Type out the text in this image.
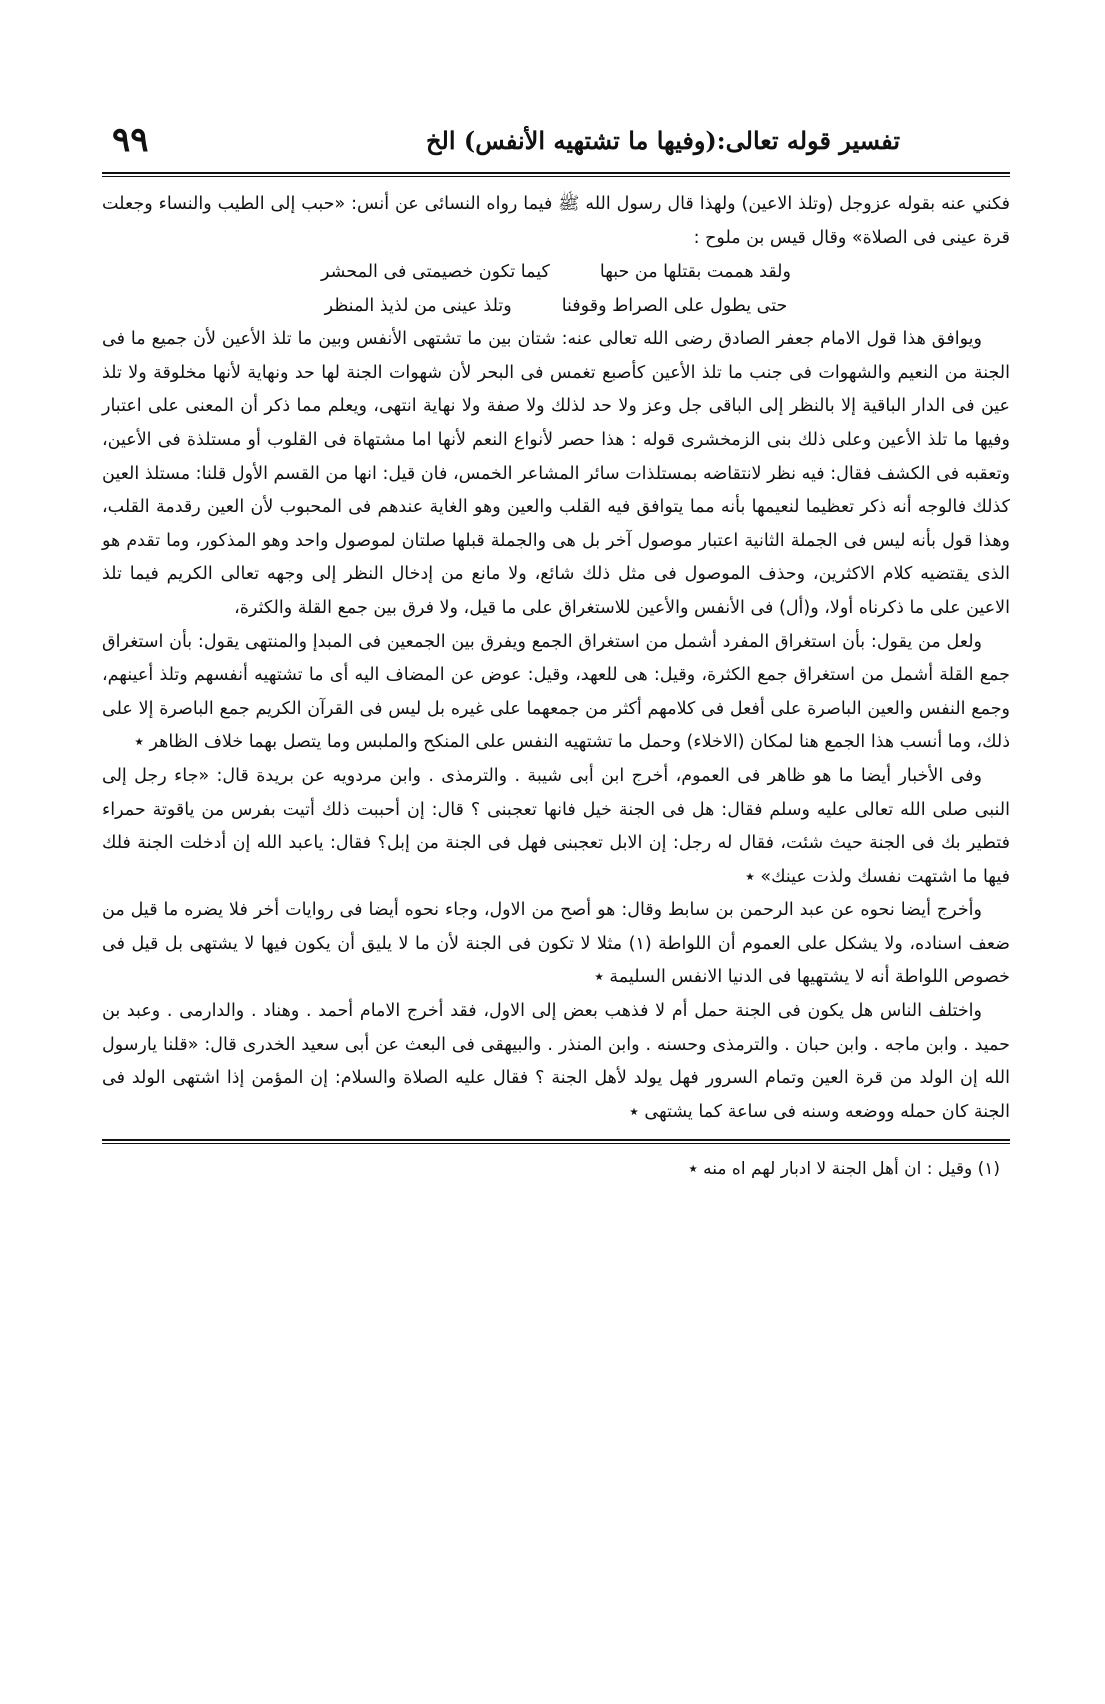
تفسير قوله تعالى:(وفيها ما تشتهيه الأنفس) الخ
٩٩

فكني عنه بقوله عزوجل (وتلذ الاعين) ولهذا قال رسول الله ﷺ فيما رواه النسائى عن أنس: «حبب إلى الطيب والنساء وجعلت قرة عينى فى الصلاة» وقال قيس بن ملوح :

ولقد هممت بقتلها من حبها
كيما تكون خصيمتى فى المحشر
حتى يطول على الصراط وقوفنا
وتلذ عينى من لذيذ المنظر

ويوافق هذا قول الامام جعفر الصادق رضى الله تعالى عنه: شتان بين ما تشتهى الأنفس وبين ما تلذ الأعين لأن جميع ما فى الجنة من النعيم والشهوات فى جنب ما تلذ الأعين كأصبع تغمس فى البحر لأن شهوات الجنة لها حد ونهاية لأنها مخلوقة ولا تلذ عين فى الدار الباقية إلا بالنظر إلى الباقى جل وعز ولا حد لذلك ولا صفة ولا نهاية انتهى، ويعلم مما ذكر أن المعنى على اعتبار وفيها ما تلذ الأعين وعلى ذلك بنى الزمخشرى قوله : هذا حصر لأنواع النعم لأنها اما مشتهاة فى القلوب أو مستلذة فى الأعين، وتعقبه فى الكشف فقال: فيه نظر لانتقاضه بمستلذات سائر المشاعر الخمس، فان قيل: انها من القسم الأول قلنا: مستلذ العين كذلك فالوجه أنه ذكر تعظيما لنعيمها بأنه مما يتوافق فيه القلب والعين وهو الغاية عندهم فى المحبوب لأن العين رقدمة القلب، وهذا قول بأنه ليس فى الجملة الثانية اعتبار موصول آخر بل هى والجملة قبلها صلتان لموصول واحد وهو المذكور، وما تقدم هو الذى يقتضيه كلام الاكثرين، وحذف الموصول فى مثل ذلك شائع، ولا مانع من إدخال النظر إلى وجهه تعالى الكريم فيما تلذ الاعين على ما ذكرناه أولا، و(أل) فى الأنفس والأعين للاستغراق على ما قيل، ولا فرق بين جمع القلة والكثرة،

ولعل من يقول: بأن استغراق المفرد أشمل من استغراق الجمع ويفرق بين الجمعين فى المبدإ والمنتهى يقول: بأن استغراق جمع القلة أشمل من استغراق جمع الكثرة، وقيل: هى للعهد، وقيل: عوض عن المضاف اليه أى ما تشتهيه أنفسهم وتلذ أعينهم، وجمع النفس والعين الباصرة على أفعل فى كلامهم أكثر من جمعهما على غيره بل ليس فى القرآن الكريم جمع الباصرة إلا على ذلك، وما أنسب هذا الجمع هنا لمكان (الاخلاء) وحمل ما تشتهيه النفس على المنكح والملبس وما يتصل بهما خلاف الظاهر ٭

وفى الأخبار أيضا ما هو ظاهر فى العموم، أخرج ابن أبى شيبة . والترمذى . وابن مردويه عن بريدة قال: «جاء رجل إلى النبى صلى الله تعالى عليه وسلم فقال: هل فى الجنة خيل فانها تعجبنى ؟ قال: إن أحببت ذلك أتيت بفرس من ياقوتة حمراء فتطير بك فى الجنة حيث شئت، فقال له رجل: إن الابل تعجبنى فهل فى الجنة من إبل؟ فقال: ياعبد الله إن أدخلت الجنة فلك فيها ما اشتهت نفسك ولذت عينك» ٭

وأخرج أيضا نحوه عن عبد الرحمن بن سابط وقال: هو أصح من الاول، وجاء نحوه أيضا فى روايات أخر فلا يضره ما قيل من ضعف اسناده، ولا يشكل على العموم أن اللواطة (١) مثلا لا تكون فى الجنة لأن ما لا يليق أن يكون فيها لا يشتهى بل قيل فى خصوص اللواطة أنه لا يشتهيها فى الدنيا الانفس السليمة ٭

واختلف الناس هل يكون فى الجنة حمل أم لا فذهب بعض إلى الاول، فقد أخرج الامام أحمد . وهناد . والدارمى . وعبد بن حميد . وابن ماجه . وابن حبان . والترمذى وحسنه . وابن المنذر . والبيهقى فى البعث عن أبى سعيد الخدرى قال: «قلنا يارسول الله إن الولد من قرة العين وتمام السرور فهل يولد لأهل الجنة ؟ فقال عليه الصلاة والسلام: إن المؤمن إذا اشتهى الولد فى الجنة كان حمله ووضعه وسنه فى ساعة كما يشتهى ٭

(١) وقيل : ان أهل الجنة لا ادبار لهم اه منه ٭
